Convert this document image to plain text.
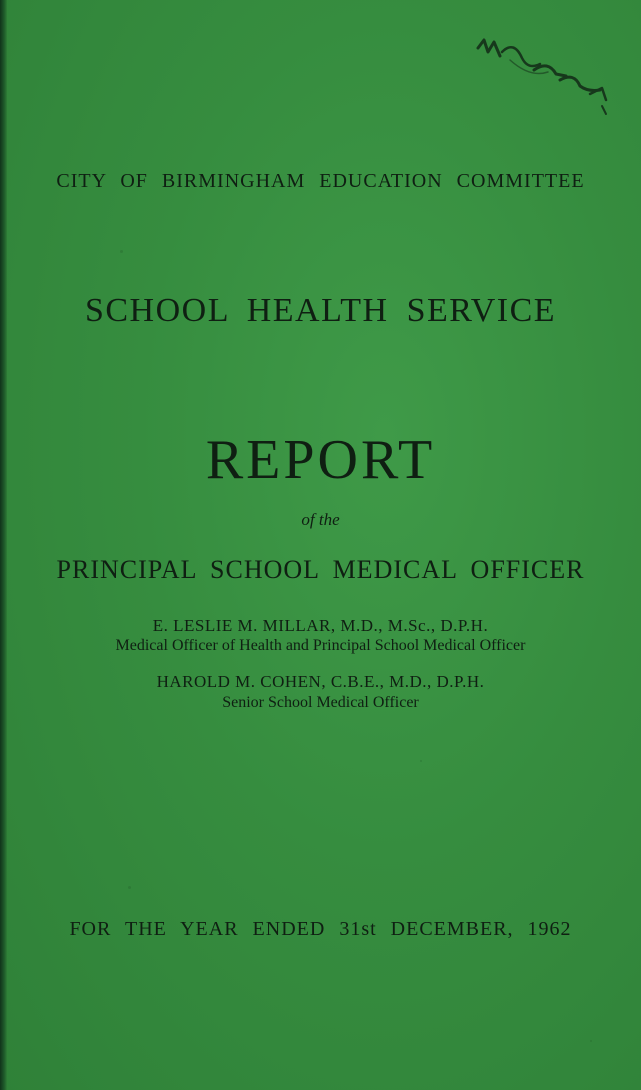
CITY OF BIRMINGHAM EDUCATION COMMITTEE
SCHOOL HEALTH SERVICE
REPORT
of the
PRINCIPAL SCHOOL MEDICAL OFFICER
E. LESLIE M. MILLAR, M.D., M.Sc., D.P.H.
Medical Officer of Health and Principal School Medical Officer
HAROLD M. COHEN, C.B.E., M.D., D.P.H.
Senior School Medical Officer
FOR THE YEAR ENDED 31st DECEMBER, 1962
